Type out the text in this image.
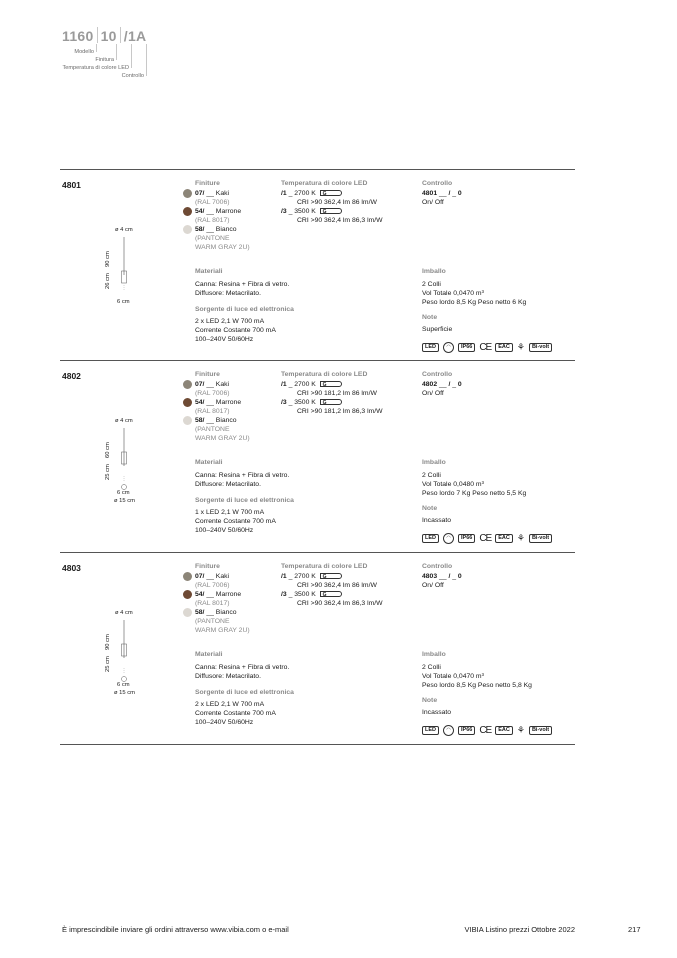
1160 10 /1A
Modello
Finitura
Temperatura di colore LED
Controllo
4801
ø 4 cm
26 cm
90 cm
6 cm
Finiture
07/ __ Kaki
(RAL 7006)
54/ __ Marrone
(RAL 8017)
58/ __ Bianco
(PANTONE
WARM GRAY 2U)
Temperatura di colore LED
/1 _ 2700 K G
CRI >90 362,4 lm 86 lm/W
/3 _ 3500 K G
CRI >90 362,4 lm 86,3 lm/W
Controllo
4801 __ / _ 0
On/ Off
Materiali
Canna: Resina + Fibra di vetro.
Diffusore: Metacrilato.
Sorgente di luce ed elettronica
2 x LED 2,1 W 700 mA
Corrente Costante 700 mA
100–240V 50/60Hz
Imballo
2 Colli
Vol Totale 0,0470 m³
Peso lordo 8,5 Kg Peso netto 6 Kg
Note
Superficie
LED	◠	IP66 CE	EAC ⚘	Bi-volt
4802
ø 4 cm
25 cm
60 cm
6 cm
ø 15 cm
Finiture
07/ __ Kaki
(RAL 7006)
54/ __ Marrone
(RAL 8017)
58/ __ Bianco
(PANTONE
WARM GRAY 2U)
Temperatura di colore LED
/1 _ 2700 K G
CRI >90 181,2 lm 86 lm/W
/3 _ 3500 K G
CRI >90 181,2 lm 86,3 lm/W
Controllo
4802 __ / _ 0
On/ Off
Materiali
Canna: Resina + Fibra di vetro.
Diffusore: Metacrilato.
Sorgente di luce ed elettronica
1 x LED 2,1 W 700 mA
Corrente Costante 700 mA
100–240V 50/60Hz
Imballo
2 Colli
Vol Totale 0,0480 m³
Peso lordo 7 Kg Peso netto 5,5 Kg
Note
Incassato
LED	◠	IP66 CE	EAC ⚘	Bi-volt
4803
ø 4 cm
25 cm
90 cm
6 cm
ø 15 cm
Finiture
07/ __ Kaki
(RAL 7006)
54/ __ Marrone
(RAL 8017)
58/ __ Bianco
(PANTONE
WARM GRAY 2U)
Temperatura di colore LED
/1 _ 2700 K G
CRI >90 362,4 lm 86 lm/W
/3 _ 3500 K G
CRI >90 362,4 lm 86,3 lm/W
Controllo
4803 __ / _ 0
On/ Off
Materiali
Canna: Resina + Fibra di vetro.
Diffusore: Metacrilato.
Sorgente di luce ed elettronica
2 x LED 2,1 W 700 mA
Corrente Costante 700 mA
100–240V 50/60Hz
Imballo
2 Colli
Vol Totale 0,0470 m³
Peso lordo 8,5 Kg Peso netto 5,8 Kg
Note
Incassato
LED	◠	IP66 CE	EAC ⚘	Bi-volt
È imprescindibile inviare gli ordini attraverso www.vibia.com o e-mail	VIBIA Listino prezzi Ottobre 2022	217
